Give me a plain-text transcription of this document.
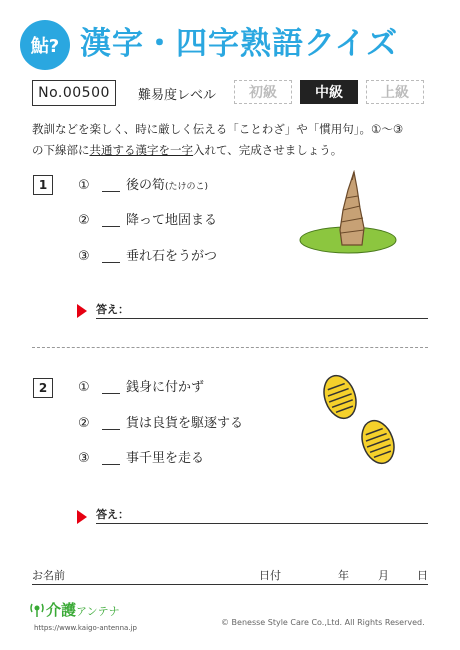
鮎? 漢字・四字熟語クイズ
No.00500	難易度レベル	初級	中級	上級
教訓などを楽しく、時に厳しく伝える「ことわざ」や「慣用句」。①～③
の下線部に共通する漢字を一字入れて、完成させましょう。
1	①	後の筍(たけのこ)
②	降って地固まる
③	垂れ石をうがつ
答え：
2	①	銭身に付かず
②	貨は良貨を駆逐する
③	事千里を走る
答え：
お名前	日付	年	月	日
介護アンテナ
https://www.kaigo-antenna.jp
© Benesse Style Care Co.,Ltd. All Rights Reserved.
